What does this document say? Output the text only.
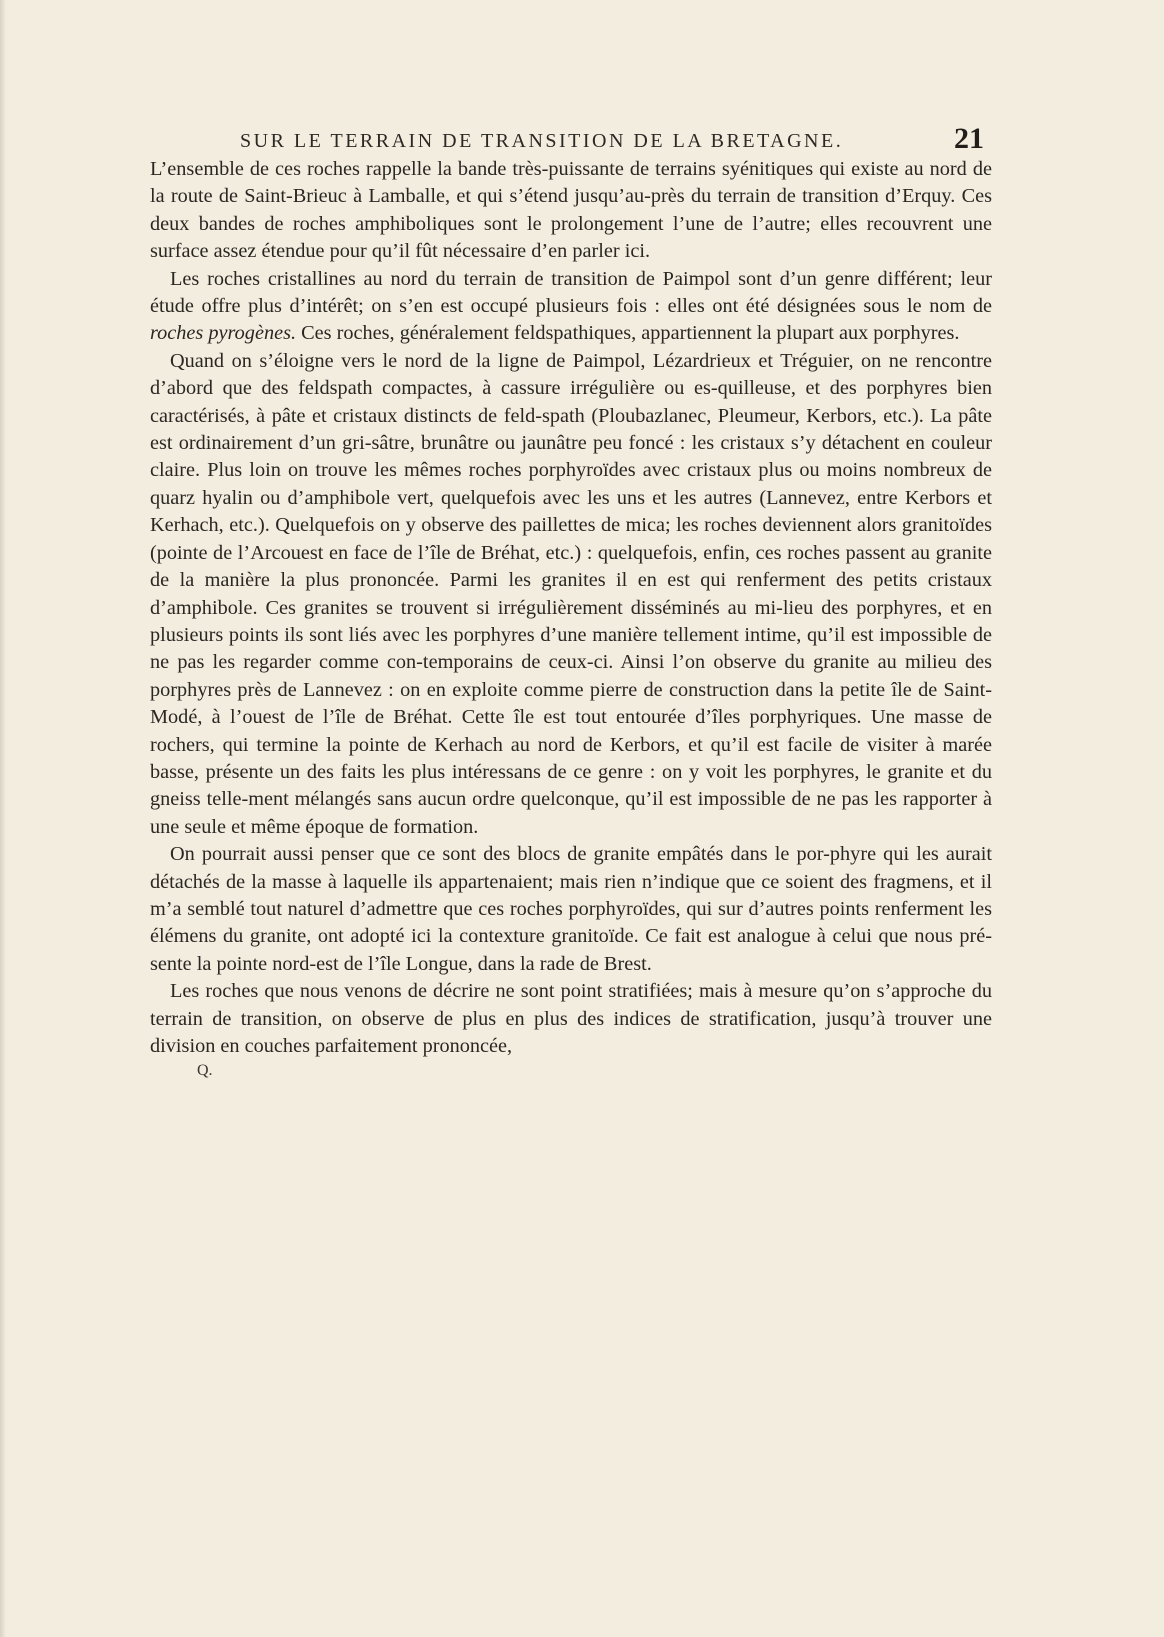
SUR LE TERRAIN DE TRANSITION DE LA BRETAGNE.	21

L’ensemble de ces roches rappelle la bande très-puissante de terrains syénitiques qui existe au nord de la route de Saint-Brieuc à Lamballe, et qui s’étend jusqu’au-près du terrain de transition d’Erquy. Ces deux bandes de roches amphiboliques sont le prolongement l’une de l’autre; elles recouvrent une surface assez étendue pour qu’il fût nécessaire d’en parler ici.

Les roches cristallines au nord du terrain de transition de Paimpol sont d’un genre différent; leur étude offre plus d’intérêt; on s’en est occupé plusieurs fois : elles ont été désignées sous le nom de roches pyrogènes. Ces roches, généralement feldspathiques, appartiennent la plupart aux porphyres.

Quand on s’éloigne vers le nord de la ligne de Paimpol, Lézardrieux et Tréguier, on ne rencontre d’abord que des feldspath compactes, à cassure irrégulière ou es-quilleuse, et des porphyres bien caractérisés, à pâte et cristaux distincts de feld-spath (Ploubazlanec, Pleumeur, Kerbors, etc.). La pâte est ordinairement d’un gri-sâtre, brunâtre ou jaunâtre peu foncé : les cristaux s’y détachent en couleur claire. Plus loin on trouve les mêmes roches porphyroïdes avec cristaux plus ou moins nombreux de quarz hyalin ou d’amphibole vert, quelquefois avec les uns et les autres (Lannevez, entre Kerbors et Kerhach, etc.). Quelquefois on y observe des paillettes de mica; les roches deviennent alors granitoïdes (pointe de l’Arcouest en face de l’île de Bréhat, etc.) : quelquefois, enfin, ces roches passent au granite de la manière la plus prononcée. Parmi les granites il en est qui renferment des petits cristaux d’amphibole. Ces granites se trouvent si irrégulièrement disséminés au mi-lieu des porphyres, et en plusieurs points ils sont liés avec les porphyres d’une manière tellement intime, qu’il est impossible de ne pas les regarder comme con-temporains de ceux-ci. Ainsi l’on observe du granite au milieu des porphyres près de Lannevez : on en exploite comme pierre de construction dans la petite île de Saint-Modé, à l’ouest de l’île de Bréhat. Cette île est tout entourée d’îles porphyriques. Une masse de rochers, qui termine la pointe de Kerhach au nord de Kerbors, et qu’il est facile de visiter à marée basse, présente un des faits les plus intéressans de ce genre : on y voit les porphyres, le granite et du gneiss telle-ment mélangés sans aucun ordre quelconque, qu’il est impossible de ne pas les rapporter à une seule et même époque de formation.

On pourrait aussi penser que ce sont des blocs de granite empâtés dans le por-phyre qui les aurait détachés de la masse à laquelle ils appartenaient; mais rien n’indique que ce soient des fragmens, et il m’a semblé tout naturel d’admettre que ces roches porphyroïdes, qui sur d’autres points renferment les élémens du granite, ont adopté ici la contexture granitoïde. Ce fait est analogue à celui que nous pré-sente la pointe nord-est de l’île Longue, dans la rade de Brest.

Les roches que nous venons de décrire ne sont point stratifiées; mais à mesure qu’on s’approche du terrain de transition, on observe de plus en plus des indices de stratification, jusqu’à trouver une division en couches parfaitement prononcée,

Q.
